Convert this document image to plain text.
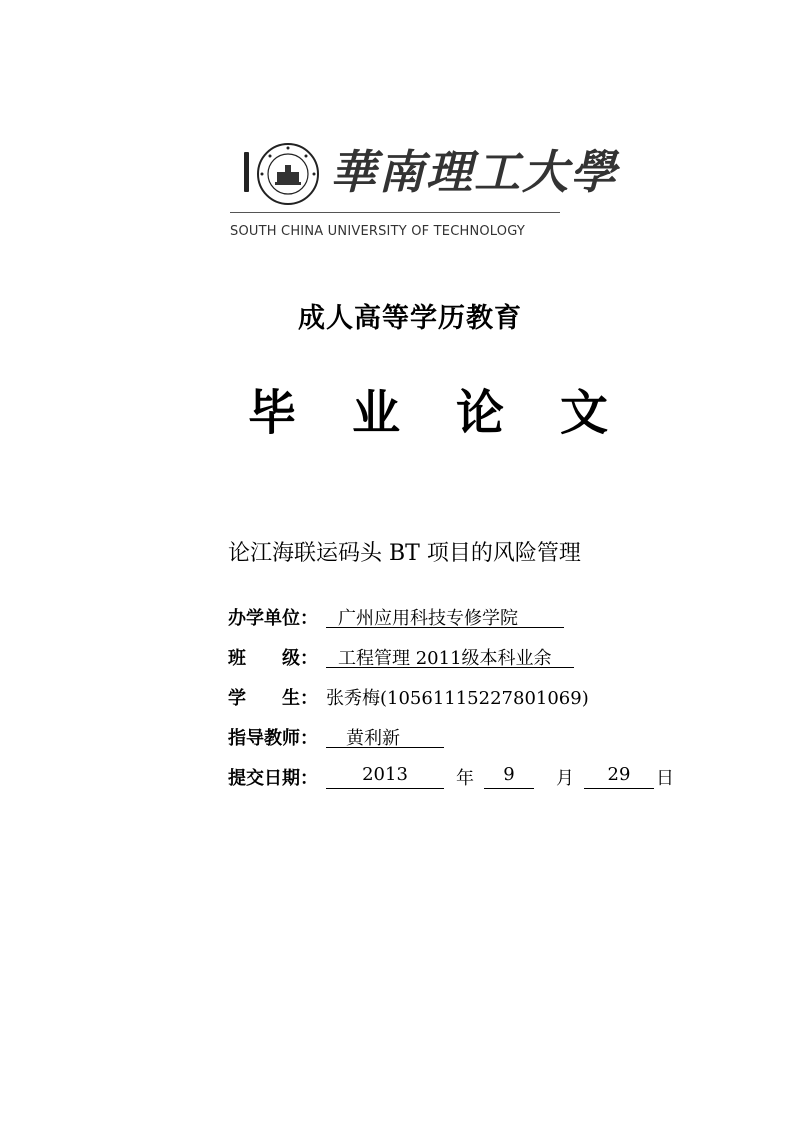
華南理工大學
SOUTH CHINA UNIVERSITY OF TECHNOLOGY
成人高等学历教育
毕 业 论 文
论江海联运码头 BT 项目的风险管理
办学单位：	广州应用科技专修学院
班　　级：	工程管理 2011级本科业余
学　　生： 张秀梅(10561115227801069)
指导教师：	黄利新
提交日期：	2013	年	9	月	29	日
